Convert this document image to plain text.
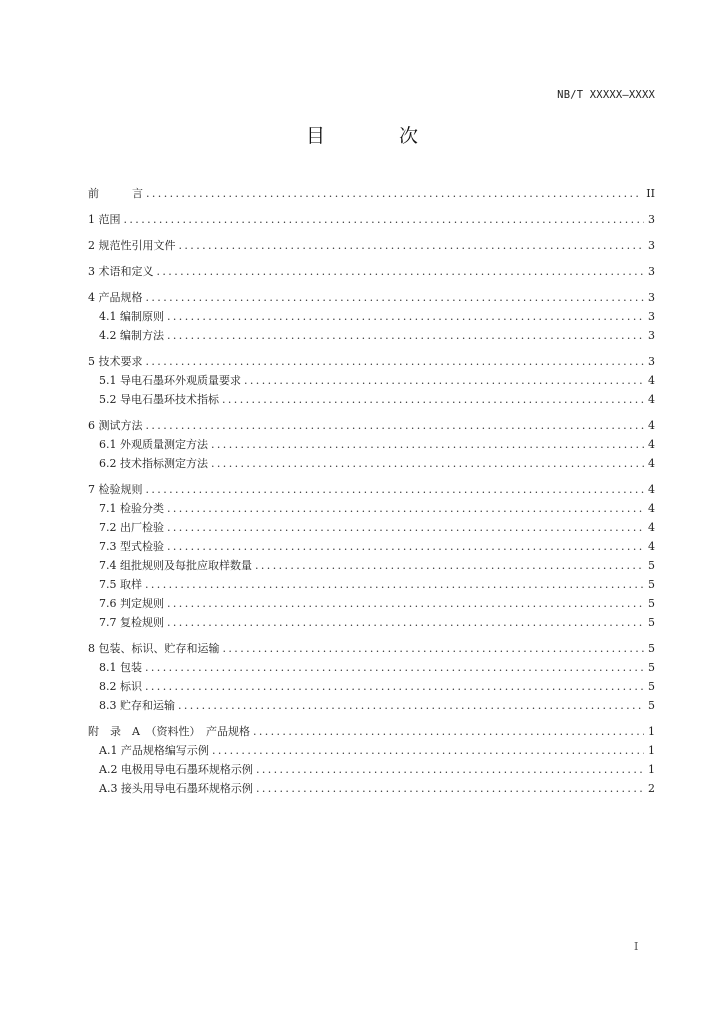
NB/T XXXXX—XXXX
目 次
前　　　言 .....	II
1 范围 .....	3
2 规范性引用文件 .....	3
3 术语和定义 .....	3
4 产品规格 .....	3
4.1 编制原则 .....	3
4.2 编制方法 .....	3
5 技术要求 .....	3
5.1 导电石墨环外观质量要求 .....	4
5.2 导电石墨环技术指标 .....	4
6 测试方法 .....	4
6.1 外观质量测定方法 .....	4
6.2 技术指标测定方法 .....	4
7 检验规则 .....	4
7.1 检验分类 .....	4
7.2 出厂检验 .....	4
7.3 型式检验 .....	4
7.4 组批规则及每批应取样数量 .....	5
7.5 取样 .....	5
7.6 判定规则 .....	5
7.7 复检规则 .....	5
8 包装、标识、贮存和运输 .....	5
8.1 包装 .....	5
8.2 标识 .....	5
8.3 贮存和运输 .....	5
附　录　A　（资料性）　产品规格 .....	1
A.1 产品规格编写示例 .....	1
A.2 电极用导电石墨环规格示例 .....	1
A.3 接头用导电石墨环规格示例 .....	2
I
